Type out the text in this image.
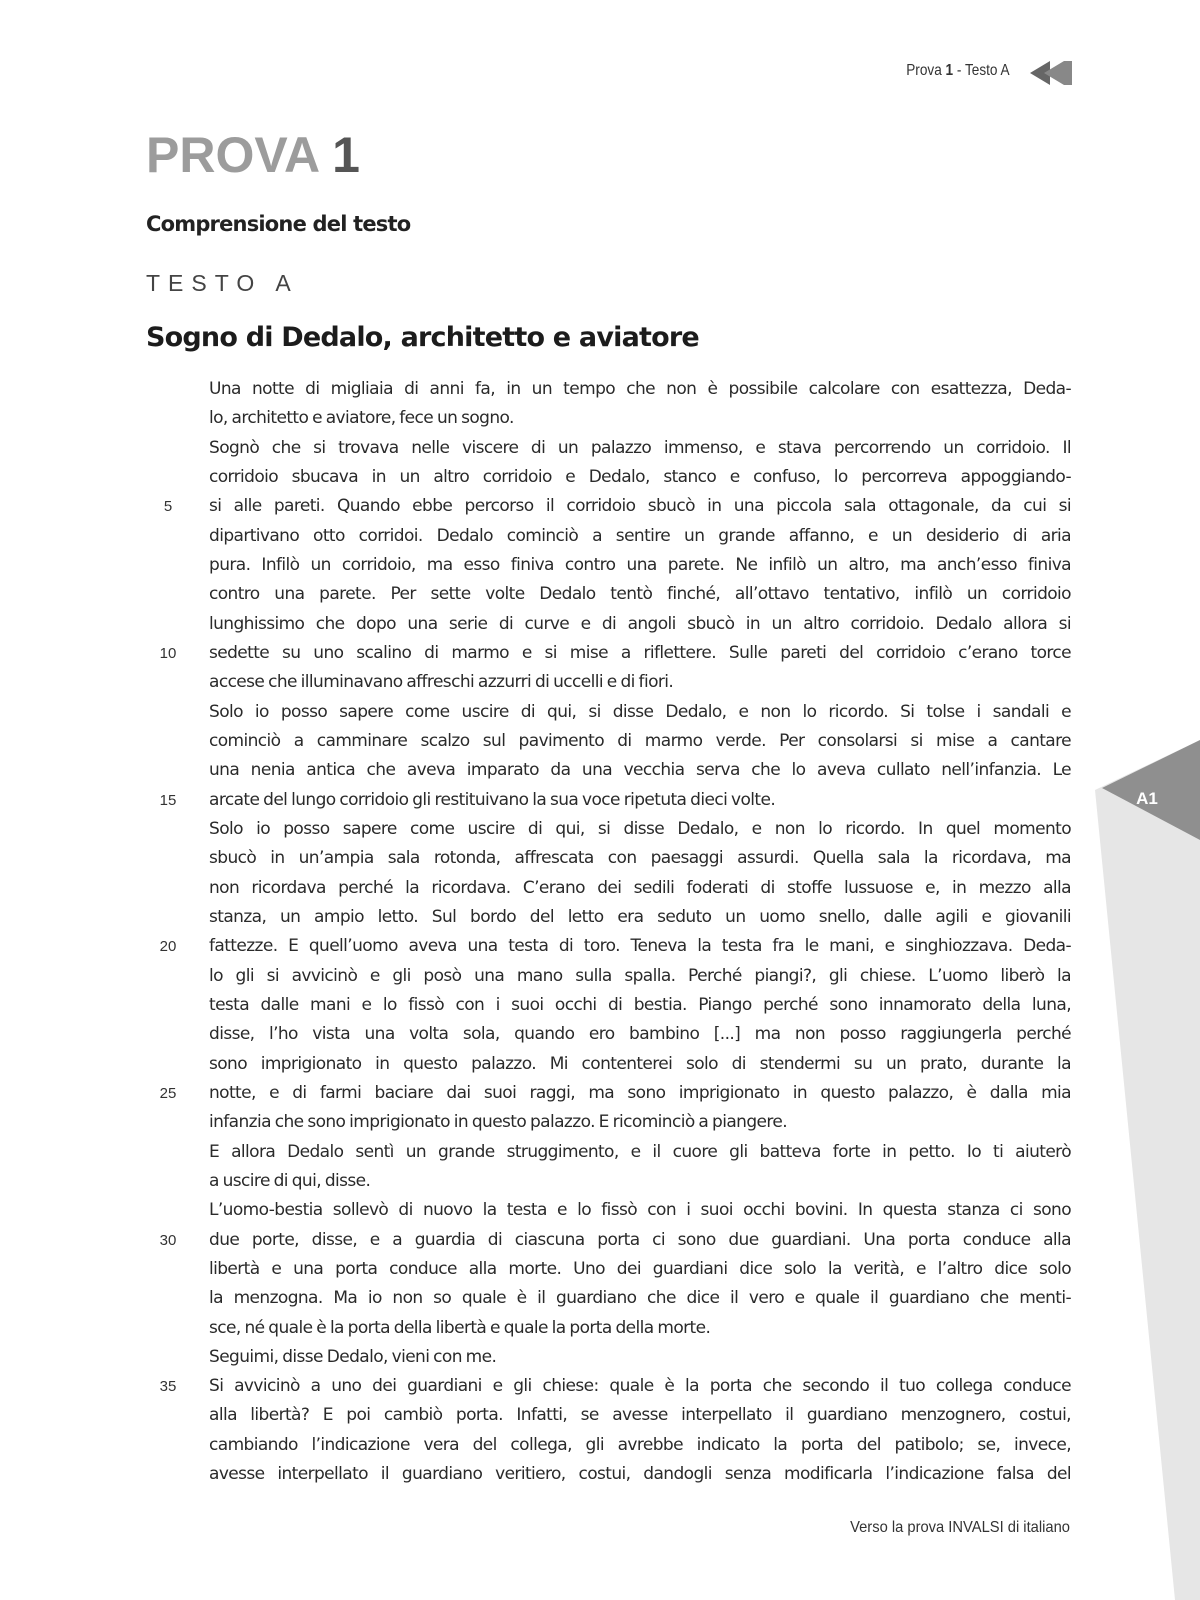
Prova 1 - Testo A
PROVA 1
Comprensione del testo
TESTO A
Sogno di Dedalo, architetto e aviatore
Una notte di migliaia di anni fa, in un tempo che non è possibile calcolare con esattezza, Deda-
lo, architetto e aviatore, fece un sogno.
Sognò che si trovava nelle viscere di un palazzo immenso, e stava percorrendo un corridoio. Il
corridoio sbucava in un altro corridoio e Dedalo, stanco e confuso, lo percorreva appoggiando-
5	si alle pareti. Quando ebbe percorso il corridoio sbucò in una piccola sala ottagonale, da cui si
dipartivano otto corridoi. Dedalo cominciò a sentire un grande affanno, e un desiderio di aria
pura. Infilò un corridoio, ma esso finiva contro una parete. Ne infilò un altro, ma anch’esso finiva
contro una parete. Per sette volte Dedalo tentò finché, all’ottavo tentativo, infilò un corridoio
lunghissimo che dopo una serie di curve e di angoli sbucò in un altro corridoio. Dedalo allora si
10	sedette su uno scalino di marmo e si mise a riflettere. Sulle pareti del corridoio c’erano torce
accese che illuminavano affreschi azzurri di uccelli e di fiori.
Solo io posso sapere come uscire di qui, si disse Dedalo, e non lo ricordo. Si tolse i sandali e
cominciò a camminare scalzo sul pavimento di marmo verde. Per consolarsi si mise a cantare
una nenia antica che aveva imparato da una vecchia serva che lo aveva cullato nell’infanzia. Le
15	arcate del lungo corridoio gli restituivano la sua voce ripetuta dieci volte.
Solo io posso sapere come uscire di qui, si disse Dedalo, e non lo ricordo. In quel momento
sbucò in un’ampia sala rotonda, affrescata con paesaggi assurdi. Quella sala la ricordava, ma
non ricordava perché la ricordava. C’erano dei sedili foderati di stoffe lussuose e, in mezzo alla
stanza, un ampio letto. Sul bordo del letto era seduto un uomo snello, dalle agili e giovanili
20	fattezze. E quell’uomo aveva una testa di toro. Teneva la testa fra le mani, e singhiozzava. Deda-
lo gli si avvicinò e gli posò una mano sulla spalla. Perché piangi?, gli chiese. L’uomo liberò la
testa dalle mani e lo fissò con i suoi occhi di bestia. Piango perché sono innamorato della luna,
disse, l’ho vista una volta sola, quando ero bambino [...] ma non posso raggiungerla perché
sono imprigionato in questo palazzo. Mi contenterei solo di stendermi su un prato, durante la
25	notte, e di farmi baciare dai suoi raggi, ma sono imprigionato in questo palazzo, è dalla mia
infanzia che sono imprigionato in questo palazzo. E ricominciò a piangere.
E allora Dedalo sentì un grande struggimento, e il cuore gli batteva forte in petto. Io ti aiuterò
a uscire di qui, disse.
L’uomo-bestia sollevò di nuovo la testa e lo fissò con i suoi occhi bovini. In questa stanza ci sono
30	due porte, disse, e a guardia di ciascuna porta ci sono due guardiani. Una porta conduce alla
libertà e una porta conduce alla morte. Uno dei guardiani dice solo la verità, e l’altro dice solo
la menzogna. Ma io non so quale è il guardiano che dice il vero e quale il guardiano che menti-
sce, né quale è la porta della libertà e quale la porta della morte.
Seguimi, disse Dedalo, vieni con me.
35	Si avvicinò a uno dei guardiani e gli chiese: quale è la porta che secondo il tuo collega conduce
alla libertà? E poi cambiò porta. Infatti, se avesse interpellato il guardiano menzognero, costui,
cambiando l’indicazione vera del collega, gli avrebbe indicato la porta del patibolo; se, invece,
avesse interpellato il guardiano veritiero, costui, dandogli senza modificarla l’indicazione falsa del
A1
Verso la prova INVALSI di italiano
